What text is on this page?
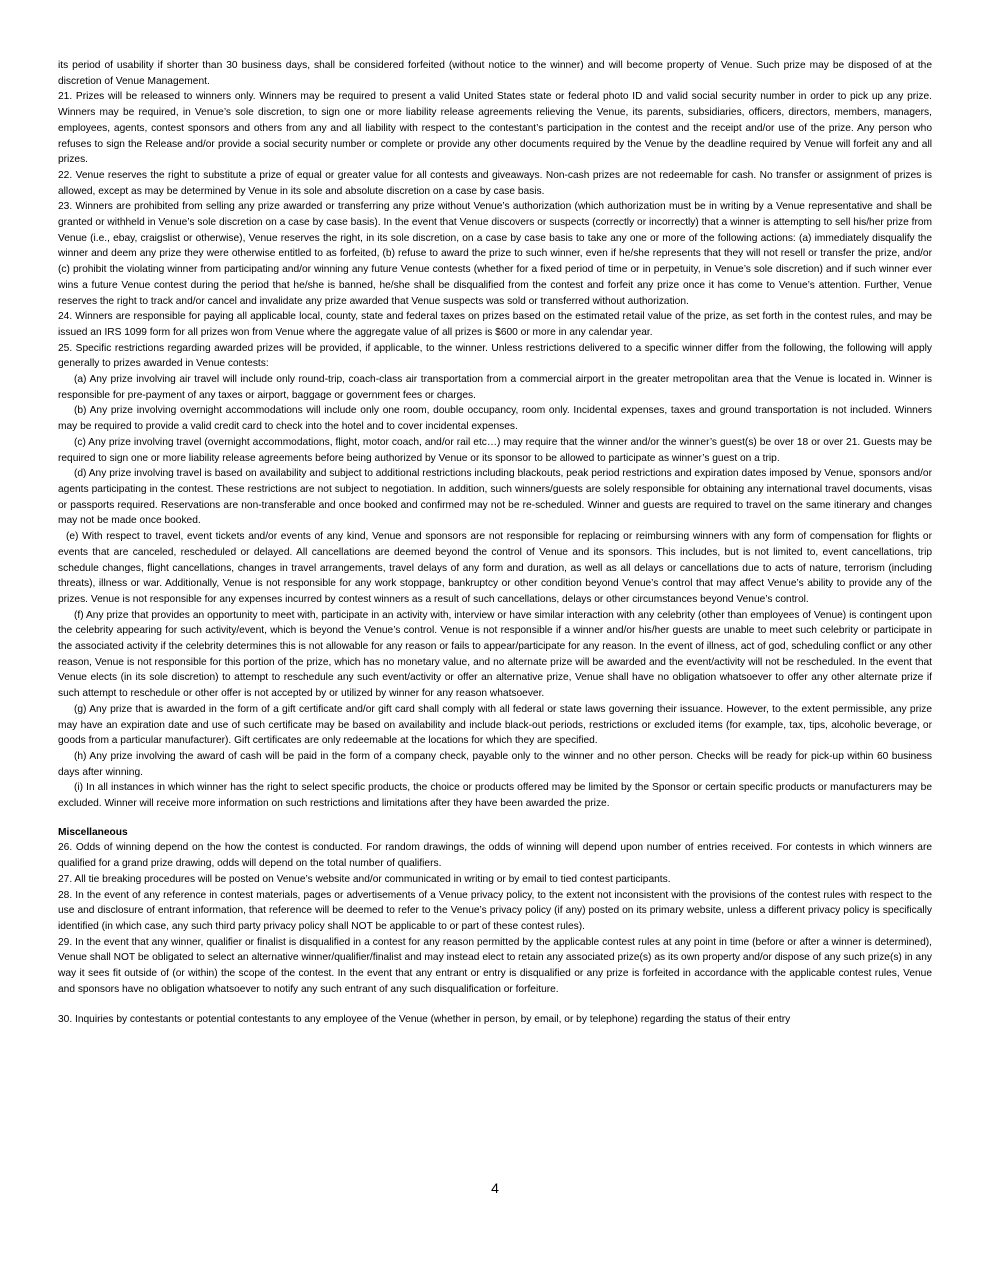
its period of usability if shorter than 30 business days, shall be considered forfeited (without notice to the winner) and will become property of Venue. Such prize may be disposed of at the discretion of Venue Management.

21. Prizes will be released to winners only. Winners may be required to present a valid United States state or federal photo ID and valid social security number in order to pick up any prize. Winners may be required, in Venue’s sole discretion, to sign one or more liability release agreements relieving the Venue, its parents, subsidiaries, officers, directors, members, managers, employees, agents, contest sponsors and others from any and all liability with respect to the contestant’s participation in the contest and the receipt and/or use of the prize. Any person who refuses to sign the Release and/or provide a social security number or complete or provide any other documents required by the Venue by the deadline required by Venue will forfeit any and all prizes.

22. Venue reserves the right to substitute a prize of equal or greater value for all contests and giveaways. Non-cash prizes are not redeemable for cash. No transfer or assignment of prizes is allowed, except as may be determined by Venue in its sole and absolute discretion on a case by case basis.

23. Winners are prohibited from selling any prize awarded or transferring any prize without Venue’s authorization (which authorization must be in writing by a Venue representative and shall be granted or withheld in Venue’s sole discretion on a case by case basis). In the event that Venue discovers or suspects (correctly or incorrectly) that a winner is attempting to sell his/her prize from Venue (i.e., ebay, craigslist or otherwise), Venue reserves the right, in its sole discretion, on a case by case basis to take any one or more of the following actions: (a) immediately disqualify the winner and deem any prize they were otherwise entitled to as forfeited, (b) refuse to award the prize to such winner, even if he/she represents that they will not resell or transfer the prize, and/or (c) prohibit the violating winner from participating and/or winning any future Venue contests (whether for a fixed period of time or in perpetuity, in Venue’s sole discretion) and if such winner ever wins a future Venue contest during the period that he/she is banned, he/she shall be disqualified from the contest and forfeit any prize once it has come to Venue’s attention. Further, Venue reserves the right to track and/or cancel and invalidate any prize awarded that Venue suspects was sold or transferred without authorization.

24. Winners are responsible for paying all applicable local, county, state and federal taxes on prizes based on the estimated retail value of the prize, as set forth in the contest rules, and may be issued an IRS 1099 form for all prizes won from Venue where the aggregate value of all prizes is $600 or more in any calendar year.

25. Specific restrictions regarding awarded prizes will be provided, if applicable, to the winner. Unless restrictions delivered to a specific winner differ from the following, the following will apply generally to prizes awarded in Venue contests:

(a) Any prize involving air travel will include only round-trip, coach-class air transportation from a commercial airport in the greater metropolitan area that the Venue is located in. Winner is responsible for pre-payment of any taxes or airport, baggage or government fees or charges.

(b) Any prize involving overnight accommodations will include only one room, double occupancy, room only. Incidental expenses, taxes and ground transportation is not included. Winners may be required to provide a valid credit card to check into the hotel and to cover incidental expenses.

(c) Any prize involving travel (overnight accommodations, flight, motor coach, and/or rail etc…) may require that the winner and/or the winner’s guest(s) be over 18 or over 21. Guests may be required to sign one or more liability release agreements before being authorized by Venue or its sponsor to be allowed to participate as winner’s guest on a trip.

(d) Any prize involving travel is based on availability and subject to additional restrictions including blackouts, peak period restrictions and expiration dates imposed by Venue, sponsors and/or agents participating in the contest. These restrictions are not subject to negotiation. In addition, such winners/guests are solely responsible for obtaining any international travel documents, visas or passports required. Reservations are non-transferable and once booked and confirmed may not be re-scheduled. Winner and guests are required to travel on the same itinerary and changes may not be made once booked.

(e) With respect to travel, event tickets and/or events of any kind, Venue and sponsors are not responsible for replacing or reimbursing winners with any form of compensation for flights or events that are canceled, rescheduled or delayed. All cancellations are deemed beyond the control of Venue and its sponsors. This includes, but is not limited to, event cancellations, trip schedule changes, flight cancellations, changes in travel arrangements, travel delays of any form and duration, as well as all delays or cancellations due to acts of nature, terrorism (including threats), illness or war. Additionally, Venue is not responsible for any work stoppage, bankruptcy or other condition beyond Venue’s control that may affect Venue’s ability to provide any of the prizes. Venue is not responsible for any expenses incurred by contest winners as a result of such cancellations, delays or other circumstances beyond Venue’s control.

(f) Any prize that provides an opportunity to meet with, participate in an activity with, interview or have similar interaction with any celebrity (other than employees of Venue) is contingent upon the celebrity appearing for such activity/event, which is beyond the Venue’s control. Venue is not responsible if a winner and/or his/her guests are unable to meet such celebrity or participate in the associated activity if the celebrity determines this is not allowable for any reason or fails to appear/participate for any reason. In the event of illness, act of god, scheduling conflict or any other reason, Venue is not responsible for this portion of the prize, which has no monetary value, and no alternate prize will be awarded and the event/activity will not be rescheduled. In the event that Venue elects (in its sole discretion) to attempt to reschedule any such event/activity or offer an alternative prize, Venue shall have no obligation whatsoever to offer any other alternate prize if such attempt to reschedule or other offer is not accepted by or utilized by winner for any reason whatsoever.

(g) Any prize that is awarded in the form of a gift certificate and/or gift card shall comply with all federal or state laws governing their issuance. However, to the extent permissible, any prize may have an expiration date and use of such certificate may be based on availability and include black-out periods, restrictions or excluded items (for example, tax, tips, alcoholic beverage, or goods from a particular manufacturer). Gift certificates are only redeemable at the locations for which they are specified.

(h) Any prize involving the award of cash will be paid in the form of a company check, payable only to the winner and no other person. Checks will be ready for pick-up within 60 business days after winning.

(i) In all instances in which winner has the right to select specific products, the choice or products offered may be limited by the Sponsor or certain specific products or manufacturers may be excluded. Winner will receive more information on such restrictions and limitations after they have been awarded the prize.

Miscellaneous

26. Odds of winning depend on the how the contest is conducted. For random drawings, the odds of winning will depend upon number of entries received. For contests in which winners are qualified for a grand prize drawing, odds will depend on the total number of qualifiers.

27. All tie breaking procedures will be posted on Venue’s website and/or communicated in writing or by email to tied contest participants.

28. In the event of any reference in contest materials, pages or advertisements of a Venue privacy policy, to the extent not inconsistent with the provisions of the contest rules with respect to the use and disclosure of entrant information, that reference will be deemed to refer to the Venue’s privacy policy (if any) posted on its primary website, unless a different privacy policy is specifically identified (in which case, any such third party privacy policy shall NOT be applicable to or part of these contest rules).

29. In the event that any winner, qualifier or finalist is disqualified in a contest for any reason permitted by the applicable contest rules at any point in time (before or after a winner is determined), Venue shall NOT be obligated to select an alternative winner/qualifier/finalist and may instead elect to retain any associated prize(s) as its own property and/or dispose of any such prize(s) in any way it sees fit outside of (or within) the scope of the contest. In the event that any entrant or entry is disqualified or any prize is forfeited in accordance with the applicable contest rules, Venue and sponsors have no obligation whatsoever to notify any such entrant of any such disqualification or forfeiture.

30. Inquiries by contestants or potential contestants to any employee of the Venue (whether in person, by email, or by telephone) regarding the status of their entry

4
